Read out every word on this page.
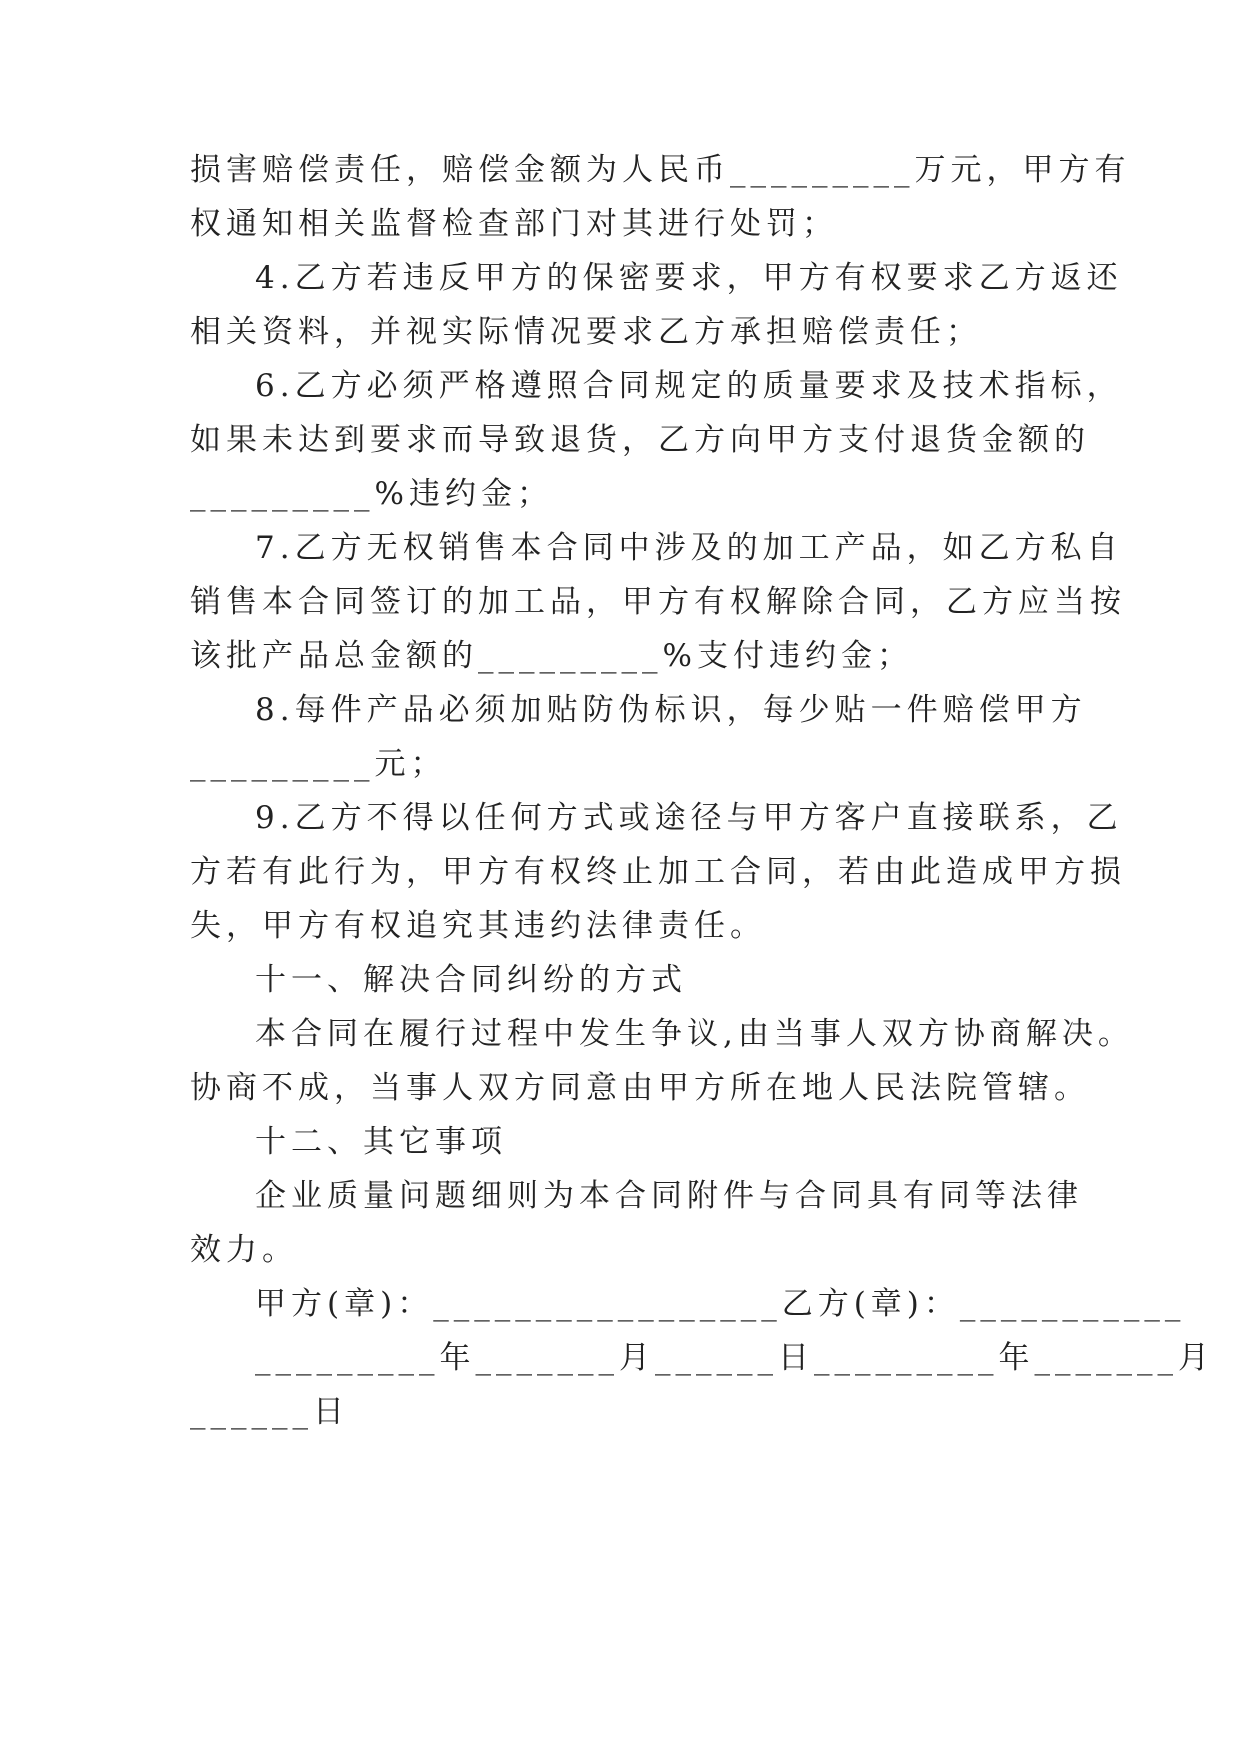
损害赔偿责任，赔偿金额为人民币_________万元，甲方有
权通知相关监督检查部门对其进行处罚；
4.乙方若违反甲方的保密要求，甲方有权要求乙方返还
相关资料，并视实际情况要求乙方承担赔偿责任；
6.乙方必须严格遵照合同规定的质量要求及技术指标，
如果未达到要求而导致退货，乙方向甲方支付退货金额的
_________%违约金；
7.乙方无权销售本合同中涉及的加工产品，如乙方私自
销售本合同签订的加工品，甲方有权解除合同，乙方应当按
该批产品总金额的_________%支付违约金；
8.每件产品必须加贴防伪标识，每少贴一件赔偿甲方
_________元；
9.乙方不得以任何方式或途径与甲方客户直接联系，乙
方若有此行为，甲方有权终止加工合同，若由此造成甲方损
失，甲方有权追究其违约法律责任。
十一、解决合同纠纷的方式
本合同在履行过程中发生争议,由当事人双方协商解决。
协商不成，当事人双方同意由甲方所在地人民法院管辖。
十二、其它事项
企业质量问题细则为本合同附件与合同具有同等法律
效力。
甲方(章)：_________________乙方(章)：___________
_________年_______月______日_________年_______月
______日
